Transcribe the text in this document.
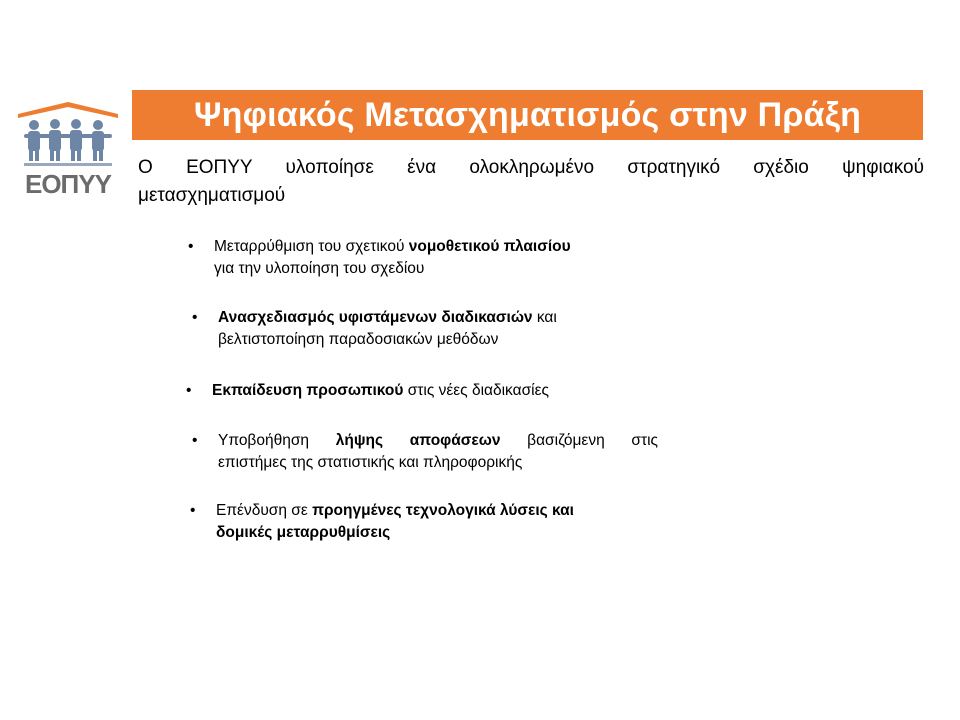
ΕΟΠΥΥ
Ψηφιακός Μετασχηματισμός στην Πράξη
Ο ΕΟΠΥΥ υλοποίησε ένα ολοκληρωμένο στρατηγικό σχέδιο ψηφιακού
μετασχηματισμού
• Μεταρρύθμιση του σχετικού νομοθετικού πλαισίου
για την υλοποίηση του σχεδίου
• Ανασχεδιασμός υφιστάμενων διαδικασιών και
βελτιστοποίηση παραδοσιακών μεθόδων
• Εκπαίδευση προσωπικού στις νέες διαδικασίες
• Υποβοήθηση λήψης αποφάσεων βασιζόμενη στις
επιστήμες της στατιστικής και πληροφορικής
• Επένδυση σε προηγμένες τεχνολογικά λύσεις και
δομικές μεταρρυθμίσεις
